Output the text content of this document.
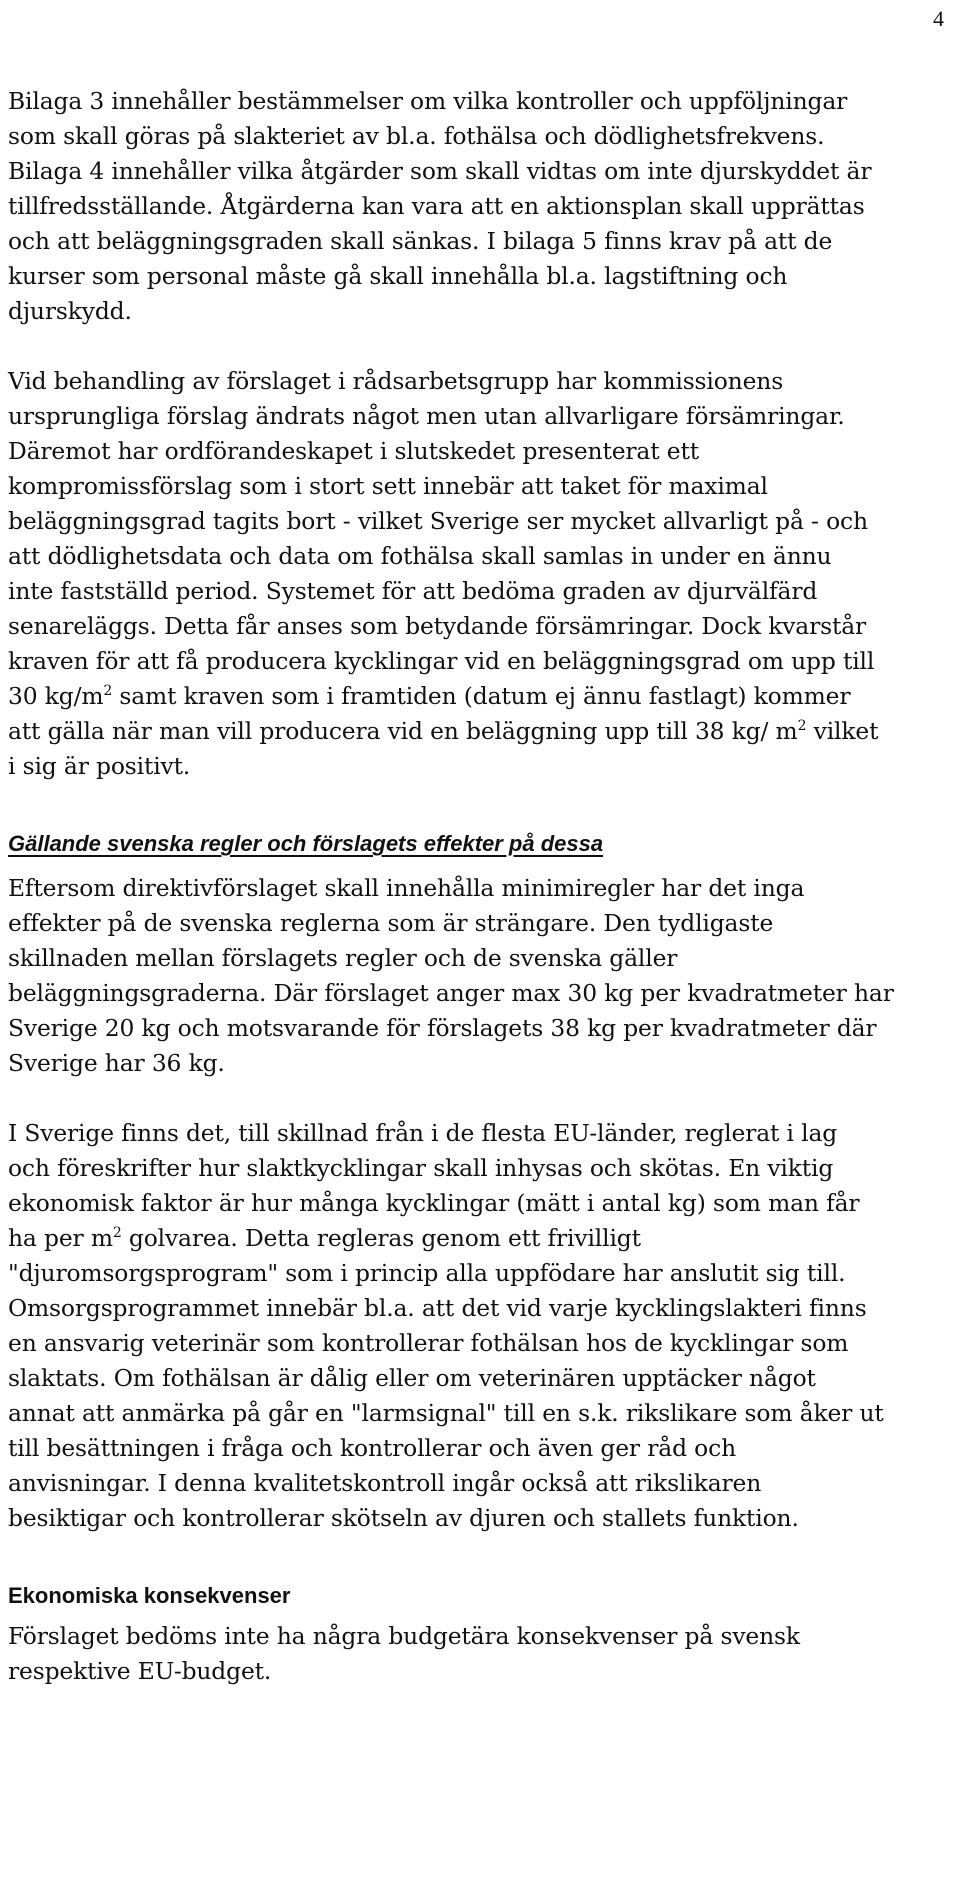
4

Bilaga 3 innehåller bestämmelser om vilka kontroller och uppföljningar
som skall göras på slakteriet av bl.a. fothälsa och dödlighetsfrekvens.
Bilaga 4 innehåller vilka åtgärder som skall vidtas om inte djurskyddet är
tillfredsställande. Åtgärderna kan vara att en aktionsplan skall upprättas
och att beläggningsgraden skall sänkas. I bilaga 5 finns krav på att de
kurser som personal måste gå skall innehålla bl.a. lagstiftning och
djurskydd.

Vid behandling av förslaget i rådsarbetsgrupp har kommissionens
ursprungliga förslag ändrats något men utan allvarligare försämringar.
Däremot har ordförandeskapet i slutskedet presenterat ett
kompromissförslag som i stort sett innebär att taket för maximal
beläggningsgrad tagits bort - vilket Sverige ser mycket allvarligt på - och
att dödlighetsdata och data om fothälsa skall samlas in under en ännu
inte fastställd period. Systemet för att bedöma graden av djurvälfärd
senareläggs. Detta får anses som betydande försämringar. Dock kvarstår
kraven för att få producera kycklingar vid en beläggningsgrad om upp till
30 $kg/m^2$ samt kraven som i framtiden (datum ej ännu fastlagt) kommer
att gälla när man vill producera vid en beläggning upp till 38 kg/ $m^2$ vilket
i sig är positivt.

Gällande svenska regler och förslagets effekter på dessa

Eftersom direktivförslaget skall innehålla minimiregler har det inga
effekter på de svenska reglerna som är strängare. Den tydligaste
skillnaden mellan förslagets regler och de svenska gäller
beläggningsgraderna. Där förslaget anger max 30 kg per kvadratmeter har
Sverige 20 kg och motsvarande för förslagets 38 kg per kvadratmeter där
Sverige har 36 kg.

I Sverige finns det, till skillnad från i de flesta EU-länder, reglerat i lag
och föreskrifter hur slaktkycklingar skall inhysas och skötas. En viktig
ekonomisk faktor är hur många kycklingar (mätt i antal kg) som man får
ha per $m^2$ golvarea. Detta regleras genom ett frivilligt
"djuromsorgsprogram" som i princip alla uppfödare har anslutit sig till.
Omsorgsprogrammet innebär bl.a. att det vid varje kycklingslakteri finns
en ansvarig veterinär som kontrollerar fothälsan hos de kycklingar som
slaktats. Om fothälsan är dålig eller om veterinären upptäcker något
annat att anmärka på går en "larmsignal" till en s.k. rikslikare som åker ut
till besättningen i fråga och kontrollerar och även ger råd och
anvisningar. I denna kvalitetskontroll ingår också att rikslikaren
besiktigar och kontrollerar skötseln av djuren och stallets funktion.

Ekonomiska konsekvenser

Förslaget bedöms inte ha några budgetära konsekvenser på svensk
respektive EU-budget.
